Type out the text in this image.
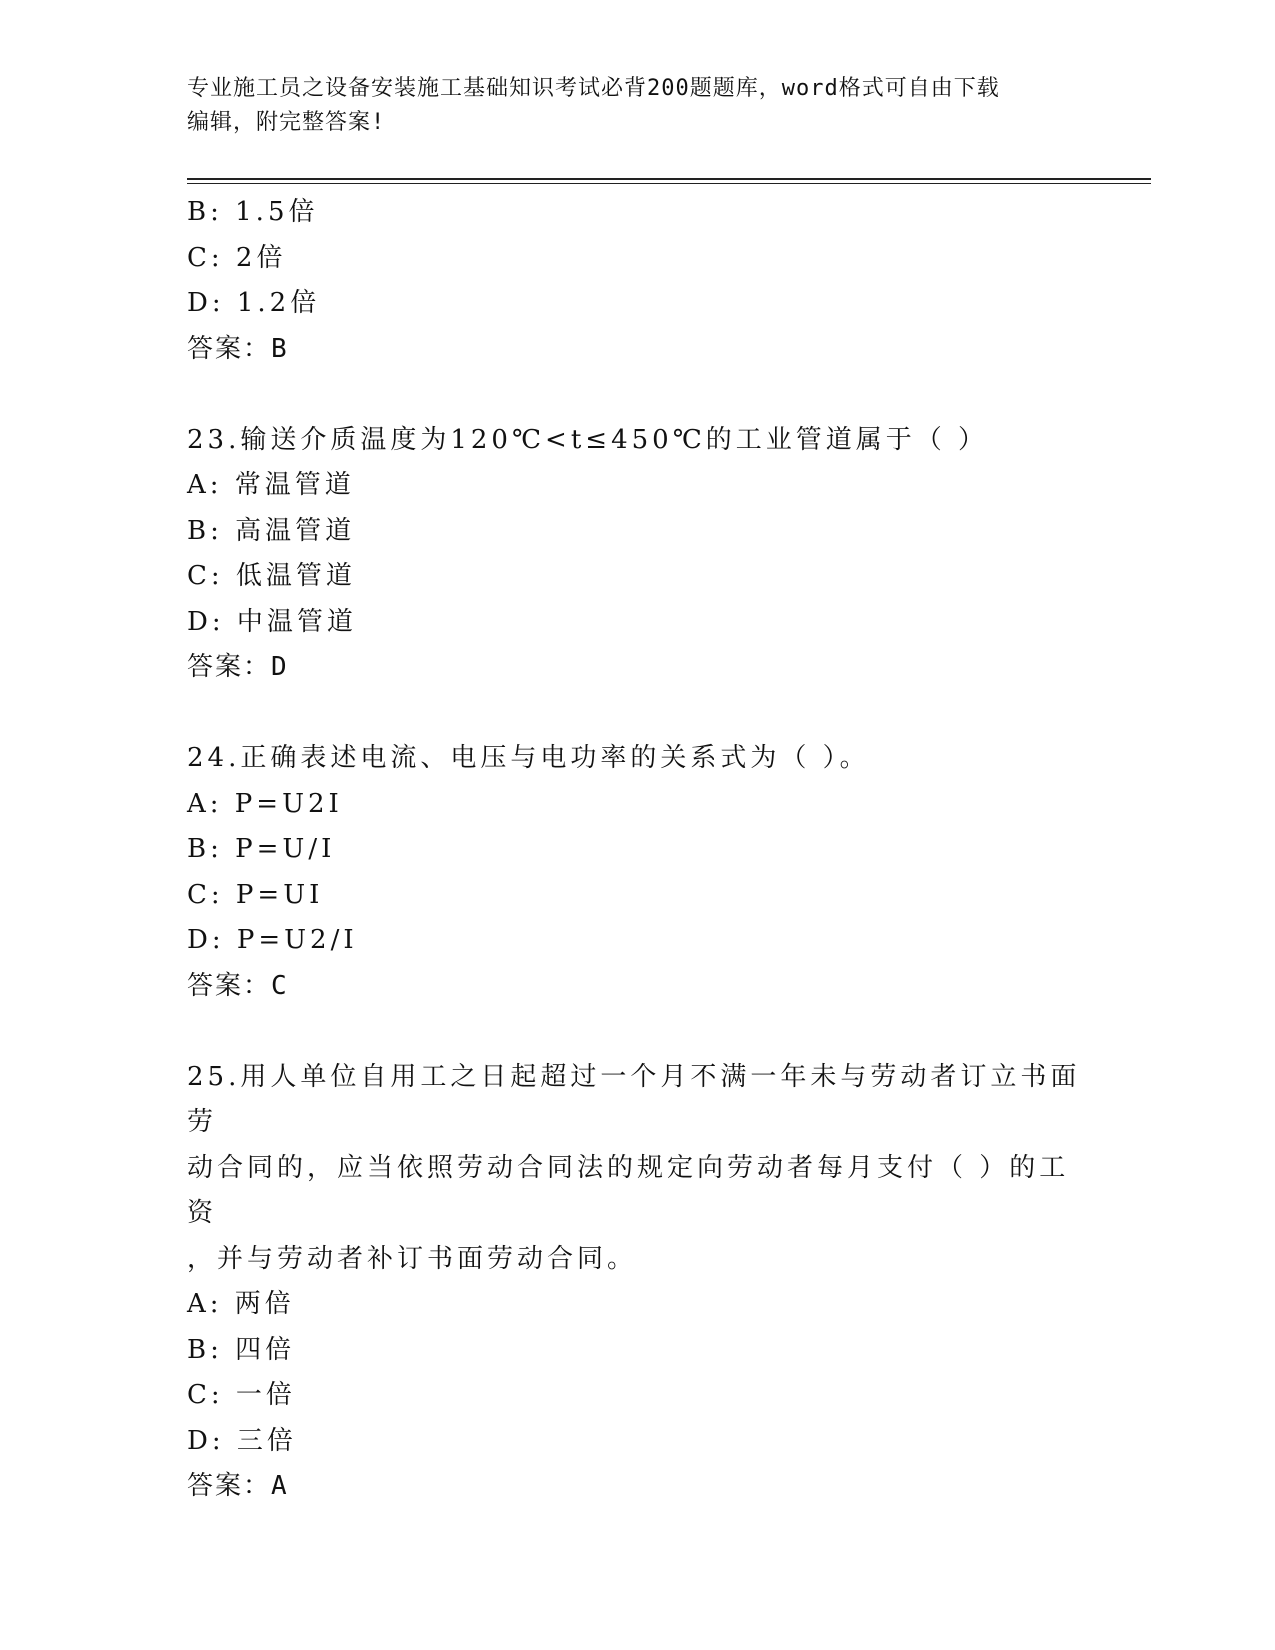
专业施工员之设备安装施工基础知识考试必背200题题库，word格式可自由下载
编辑，附完整答案!
B: 1.5倍
C: 2倍
D: 1.2倍
答案：B
23.输送介质温度为120℃<t≤450℃的工业管道属于（ ）
A: 常温管道
B: 高温管道
C: 低温管道
D: 中温管道
答案：D
24.正确表述电流、电压与电功率的关系式为（ ）。
A: P=U2I
B: P=U/I
C: P=UI
D: P=U2/I
答案：C
25.用人单位自用工之日起超过一个月不满一年未与劳动者订立书面劳
动合同的，应当依照劳动合同法的规定向劳动者每月支付（ ）的工资
，并与劳动者补订书面劳动合同。
A: 两倍
B: 四倍
C: 一倍
D: 三倍
答案：A
